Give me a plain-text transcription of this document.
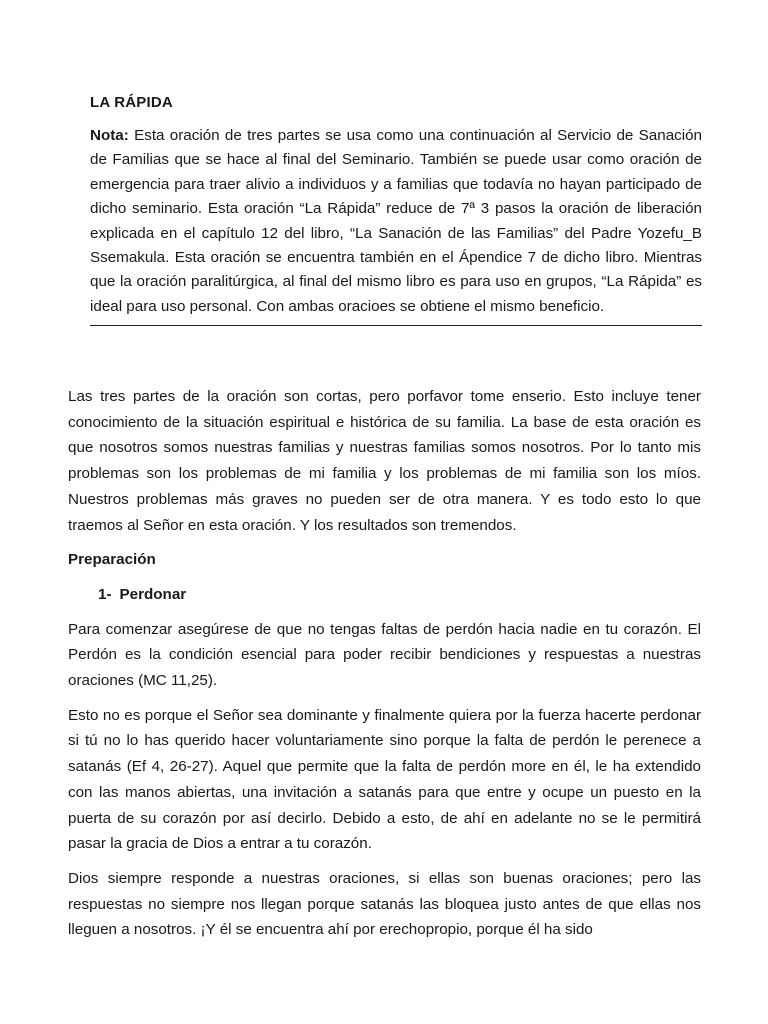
LA RÁPIDA
Nota: Esta oración de tres partes se usa como una continuación al Servicio de Sanación de Familias que se hace al final del Seminario. También se puede usar como oración de emergencia para traer alivio a individuos y a familias que todavía no hayan participado de dicho seminario. Esta oración “La Rápida” reduce de 7ª 3 pasos la oración de liberación explicada en el capítulo 12 del libro, “La Sanación de las Familias” del Padre Yozefu_B Ssemakula. Esta oración se encuentra también en el Ápendice 7 de dicho libro. Mientras que la oración paralitúrgica, al final del mismo libro es para uso en grupos, “La Rápida” es ideal para uso personal. Con ambas oracioes se obtiene el mismo beneficio.

Las tres partes de la oración son cortas, pero porfavor tome enserio. Esto incluye tener conocimiento de la situación espiritual e histórica de su familia. La base de esta oración es que nosotros somos nuestras familias y nuestras familias somos nosotros. Por lo tanto mis problemas son los problemas de mi familia y los problemas de mi familia son los míos. Nuestros problemas más graves no pueden ser de otra manera. Y es todo esto lo que traemos al Señor en esta oración. Y los resultados son tremendos.

Preparación
1- Perdonar

Para comenzar asegúrese de que no tengas faltas de perdón hacia nadie en tu corazón. El Perdón es la condición esencial para poder recibir bendiciones y respuestas a nuestras oraciones (MC 11,25).

Esto no es porque el Señor sea dominante y finalmente quiera por la fuerza hacerte perdonar si tú no lo has querido hacer voluntariamente sino porque la falta de perdón le perenece a satanás (Ef 4, 26-27). Aquel que permite que la falta de perdón more en él, le ha extendido con las manos abiertas, una invitación a satanás para que entre y ocupe un puesto en la puerta de su corazón por así decirlo. Debido a esto, de ahí en adelante no se le permitirá pasar la gracia de Dios a entrar a tu corazón.

Dios siempre responde a nuestras oraciones, si ellas son buenas oraciones; pero las respuestas no siempre nos llegan porque satanás las bloquea justo antes de que ellas nos lleguen a nosotros. ¡Y él se encuentra ahí por erechopropio, porque él ha sido
